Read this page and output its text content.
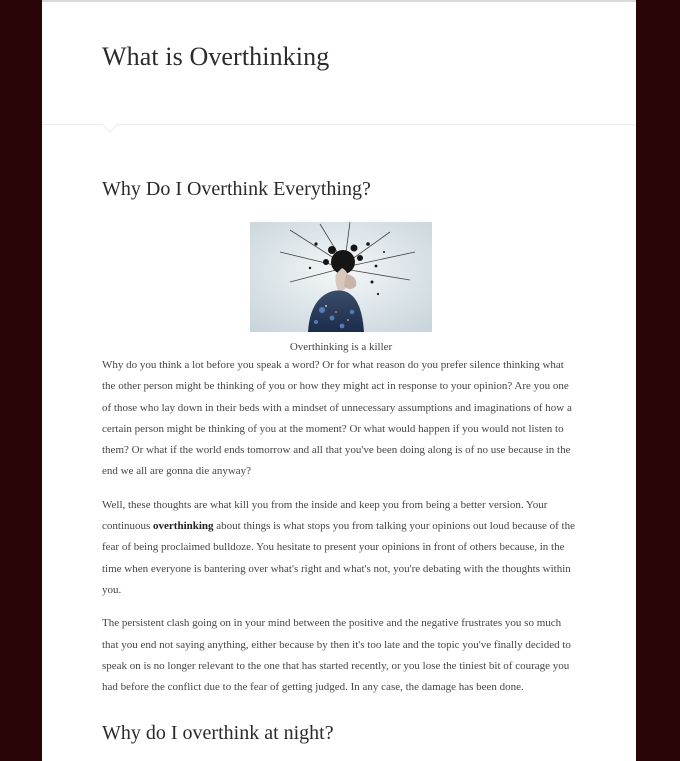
What is Overthinking
Why Do I Overthink Everything?
Overthinking is a killer

Why do you think a lot before you speak a word? Or for what reason do you prefer silence thinking what the other person might be thinking of you or how they might act in response to your opinion? Are you one of those who lay down in their beds with a mindset of unnecessary assumptions and imaginations of how a certain person might be thinking of you at the moment? Or what would happen if you would not listen to them? Or what if the world ends tomorrow and all that you've been doing along is of no use because in the end we all are gonna die anyway?

Well, these thoughts are what kill you from the inside and keep you from being a better version. Your continuous overthinking about things is what stops you from talking your opinions out loud because of the fear of being proclaimed bulldoze. You hesitate to present your opinions in front of others because, in the time when everyone is bantering over what's right and what's not, you're debating with the thoughts within you.

The persistent clash going on in your mind between the positive and the negative frustrates you so much that you end not saying anything, either because by then it's too late and the topic you've finally decided to speak on is no longer relevant to the one that has started recently, or you lose the tiniest bit of courage you had before the conflict due to the fear of getting judged. In any case, the damage has been done.

Why do I overthink at night?
